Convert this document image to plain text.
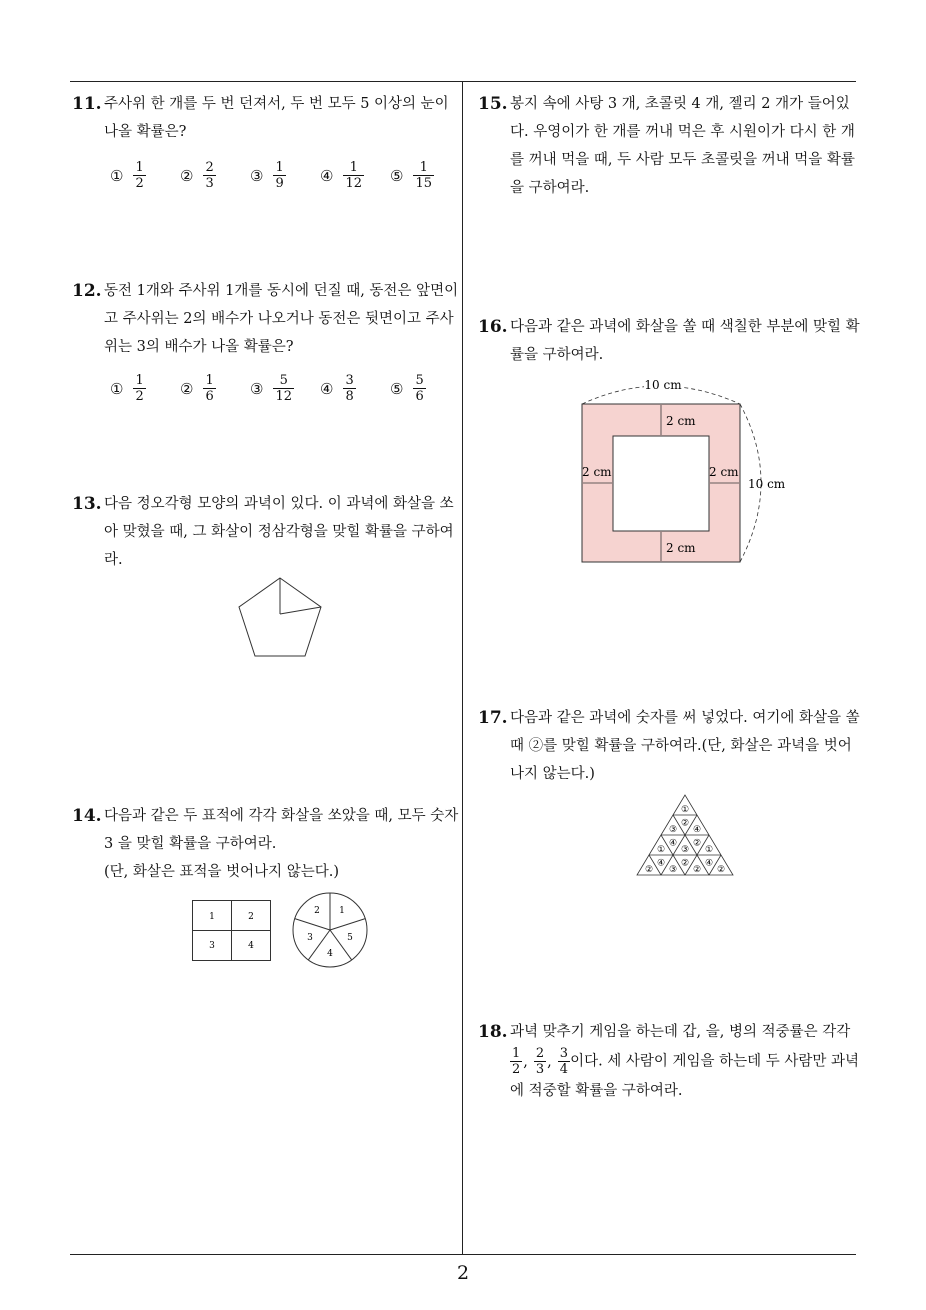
2
11. 주사위 한 개를 두 번 던져서, 두 번 모두 5 이상의 눈이 나올 확률은?
① $\frac{1}{2}$ ② $\frac{2}{3}$ ③ $\frac{1}{9}$ ④ $\frac{1}{12}$ ⑤ $\frac{1}{15}$
12. 동전 1개와 주사위 1개를 동시에 던질 때, 동전은 앞면이고 주사위는 2의 배수가 나오거나 동전은 뒷면이고 주사위는 3의 배수가 나올 확률은?
① $\frac{1}{2}$ ② $\frac{1}{6}$ ③ $\frac{5}{12}$ ④ $\frac{3}{8}$ ⑤ $\frac{5}{6}$
13. 다음 정오각형 모양의 과녁이 있다. 이 과녁에 화살을 쏘아 맞혔을 때, 그 화살이 정삼각형을 맞힐 확률을 구하여라.
14. 다음과 같은 두 표적에 각각 화살을 쏘았을 때, 모두 숫자 3 을 맞힐 확률을 구하여라.
(단, 화살은 표적을 벗어나지 않는다.)
1	2
3	4
1
5
4
3
2
15. 봉지 속에 사탕 3 개, 초콜릿 4 개, 젤리 2 개가 들어있다. 우영이가 한 개를 꺼내 먹은 후 시원이가 다시 한 개를 꺼내 먹을 때, 두 사람 모두 초콜릿을 꺼내 먹을 확률을 구하여라.
16. 다음과 같은 과녁에 화살을 쏠 때 색칠한 부분에 맞힐 확률을 구하여라.
10 cm
10 cm
2 cm
2 cm	2 cm
2 cm
17. 다음과 같은 과녁에 숫자를 써 넣었다. 여기에 화살을 쏠 때 ②를 맞힐 확률을 구하여라.(단, 화살은 과녁을 벗어나지 않는다.)
①
③
②
④
①
④
③
②
①
②
④
③
②
②
④
②
18. 과녁 맞추기 게임을 하는데 갑, 을, 병의 적중률은 각각

$\frac{1}{2}$ , $\frac{2}{3}$ , $\frac{3}{4}$ 이다. 세 사람이 게임을 하는데 두 사람만 과녁에 적중할 확률을 구하여라.
